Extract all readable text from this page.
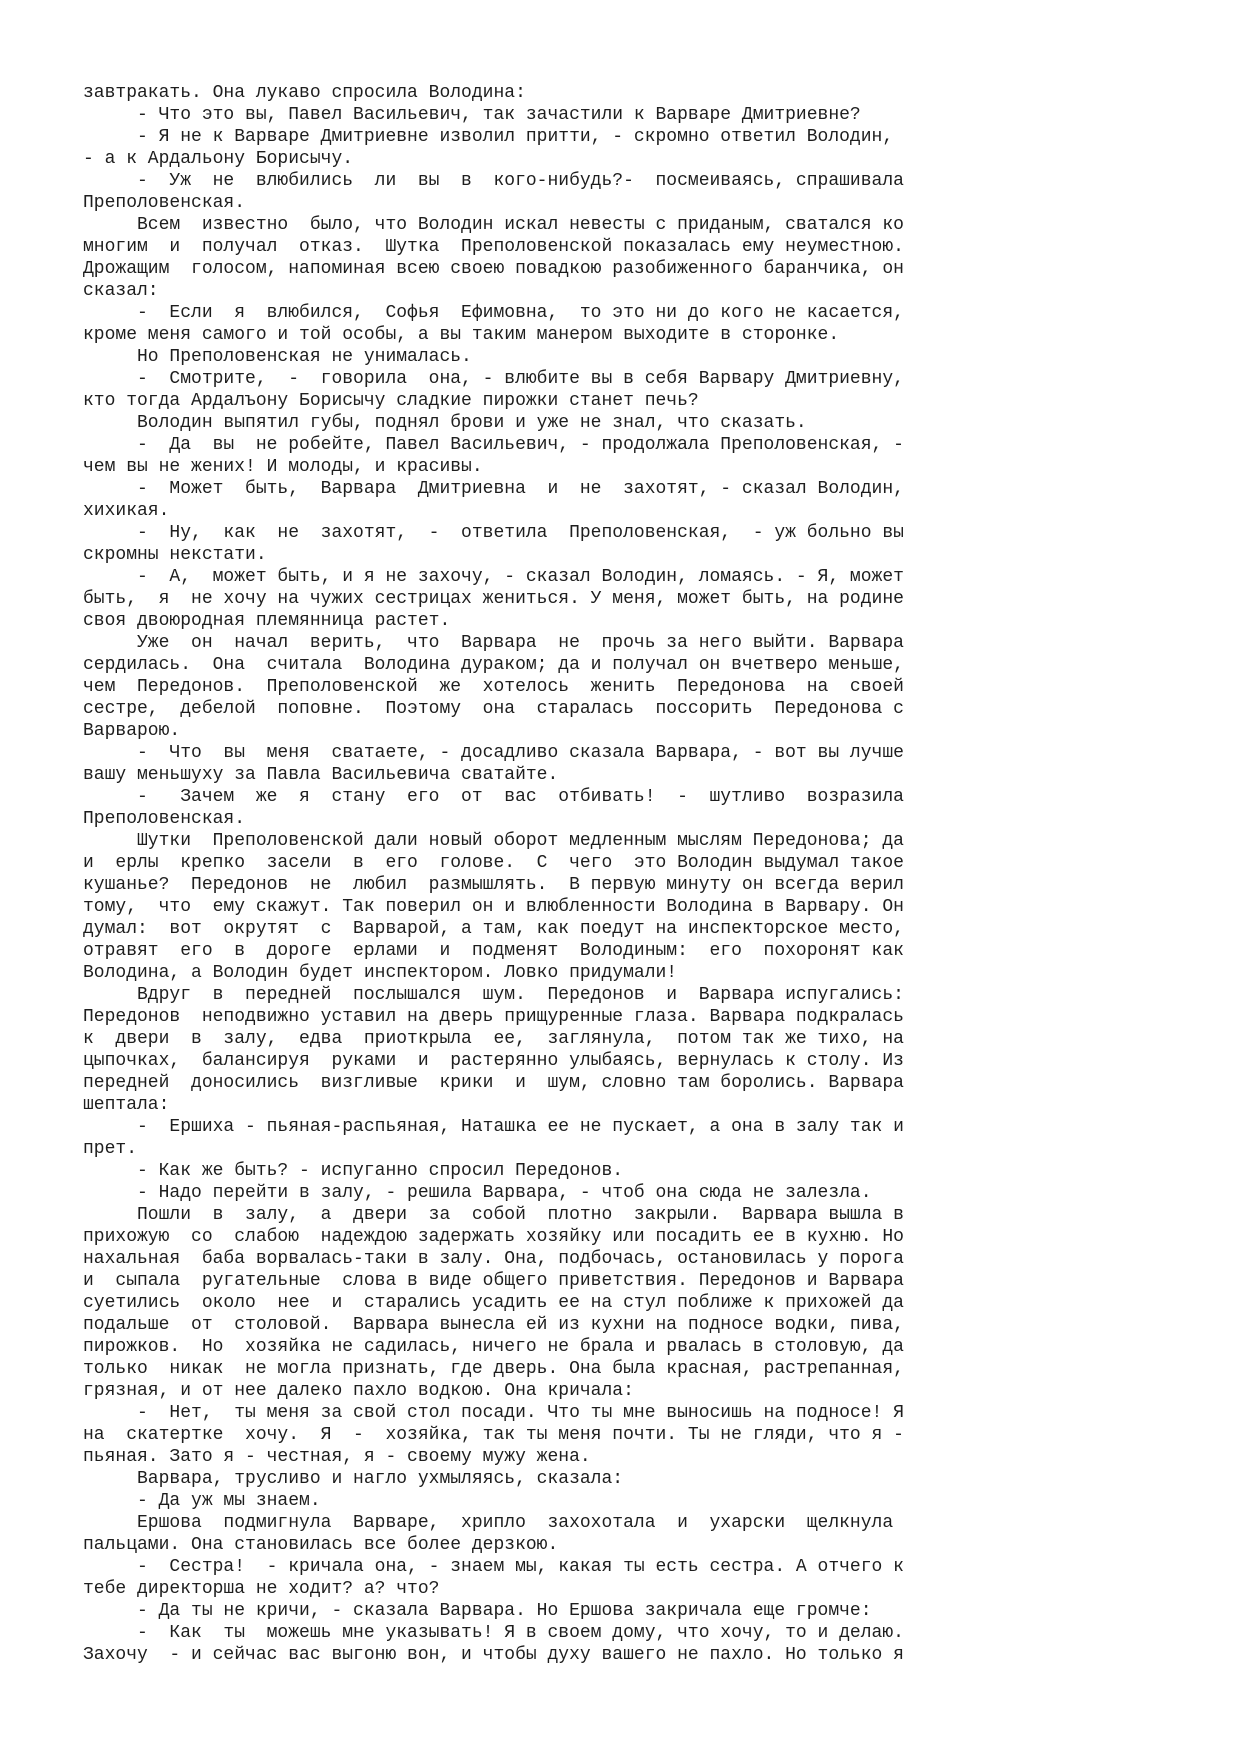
завтракать. Она лукаво спросила Володина:
- Что это вы, Павел Васильевич, так зачастили к Варваре Дмитриевне?
- Я не к Варваре Дмитриевне изволил притти, - скромно ответил Володин,
- а к Ардальону Борисычу.
-  Уж  не  влюбились  ли  вы  в  кого-нибудь?-  посмеиваясь, спрашивала
Преполовенская.
Всем  известно  было, что Володин искал невесты с приданым, сватался ко
многим  и  получал  отказ.  Шутка  Преполовенской показалась ему неуместною.
Дрожащим  голосом, напоминая всею своею повадкою разобиженного баранчика, он
сказал:
-  Если  я  влюбился,  Софья  Ефимовна,  то это ни до кого не касается,
кроме меня самого и той особы, а вы таким манером выходите в сторонке.
Но Преполовенская не унималась.
-  Смотрите,  -  говорила  она, - влюбите вы в себя Варвару Дмитриевну,
кто тогда Ардалъону Борисычу сладкие пирожки станет печь?
Володин выпятил губы, поднял брови и уже не знал, что сказать.
-  Да  вы  не робейте, Павел Васильевич, - продолжала Преполовенская, -
чем вы не жених! И молоды, и красивы.
-  Может  быть,  Варвара  Дмитриевна  и  не  захотят, - сказал Володин,
хихикая.
-  Ну,  как  не  захотят,  -  ответила  Преполовенская,  - уж больно вы
скромны некстати.
-  А,  может быть, и я не захочу, - сказал Володин, ломаясь. - Я, может
быть,  я  не хочу на чужих сестрицах жениться. У меня, может быть, на родине
своя двоюродная племянница растет.
Уже  он  начал  верить,  что  Варвара  не  прочь за него выйти. Варвара
сердилась.  Она  считала  Володина дураком; да и получал он вчетверо меньше,
чем  Передонов.  Преполовенской  же  хотелось  женить  Передонова  на  своей
сестре,  дебелой  поповне.  Поэтому  она  старалась  поссорить  Передонова с
Варварою.
-  Что  вы  меня  сватаете, - досадливо сказала Варвара, - вот вы лучше
вашу меньшуху за Павла Васильевича сватайте.
-   Зачем  же  я  стану  его  от  вас  отбивать!  -  шутливо  возразила
Преполовенская.
Шутки  Преполовенской дали новый оборот медленным мыслям Передонова; да
и  ерлы  крепко  засели  в  его  голове.  С  чего  это Володин выдумал такое
кушанье?  Передонов  не  любил  размышлять.  В первую минуту он всегда верил
тому,  что  ему скажут. Так поверил он и влюбленности Володина в Варвару. Он
думал:  вот  окрутят  с  Варварой, а там, как поедут на инспекторское место,
отравят  его  в  дороге  ерлами  и  подменят  Володиным:  его  похоронят как
Володина, а Володин будет инспектором. Ловко придумали!
Вдруг  в  передней  послышался  шум.  Передонов  и  Варвара испугались:
Передонов  неподвижно уставил на дверь прищуренные глаза. Варвара подкралась
к  двери  в  залу,  едва  приоткрыла  ее,  заглянула,  потом так же тихо, на
цыпочках,  балансируя  руками  и  растерянно улыбаясь, вернулась к столу. Из
передней  доносились  визгливые  крики  и  шум, словно там боролись. Варвара
шептала:
-  Ершиха - пьяная-распьяная, Наташка ее не пускает, а она в залу так и
прет.
- Как же быть? - испуганно спросил Передонов.
- Надо перейти в залу, - решила Варвара, - чтоб она сюда не залезла.
Пошли  в  залу,  а  двери  за  собой  плотно  закрыли.  Варвара вышла в
прихожую  со  слабою  надеждою задержать хозяйку или посадить ее в кухню. Но
нахальная  баба ворвалась-таки в залу. Она, подбочась, остановилась у порога
и  сыпала  ругательные  слова в виде общего приветствия. Передонов и Варвара
суетились  около  нее  и  старались усадить ее на стул поближе к прихожей да
подальше  от  столовой.  Варвара вынесла ей из кухни на подносе водки, пива,
пирожков.  Но  хозяйка не садилась, ничего не брала и рвалась в столовую, да
только  никак  не могла признать, где дверь. Она была красная, растрепанная,
грязная, и от нее далеко пахло водкою. Она кричала:
-  Нет,  ты меня за свой стол посади. Что ты мне выносишь на подносе! Я
на  скатертке  хочу.  Я  -  хозяйка, так ты меня почти. Ты не гляди, что я -
пьяная. Зато я - честная, я - своему мужу жена.
Варвара, трусливо и нагло ухмыляясь, сказала:
- Да уж мы знаем.
Ершова  подмигнула  Варваре,  хрипло  захохотала  и  ухарски  щелкнула
пальцами. Она становилась все более дерзкою.
-  Сестра!  - кричала она, - знаем мы, какая ты есть сестра. А отчего к
тебе директорша не ходит? а? что?
- Да ты не кричи, - сказала Варвара. Но Ершова закричала еще громче:
-  Как  ты  можешь мне указывать! Я в своем дому, что хочу, то и делаю.
Захочу  - и сейчас вас выгоню вон, и чтобы духу вашего не пахло. Но только я
